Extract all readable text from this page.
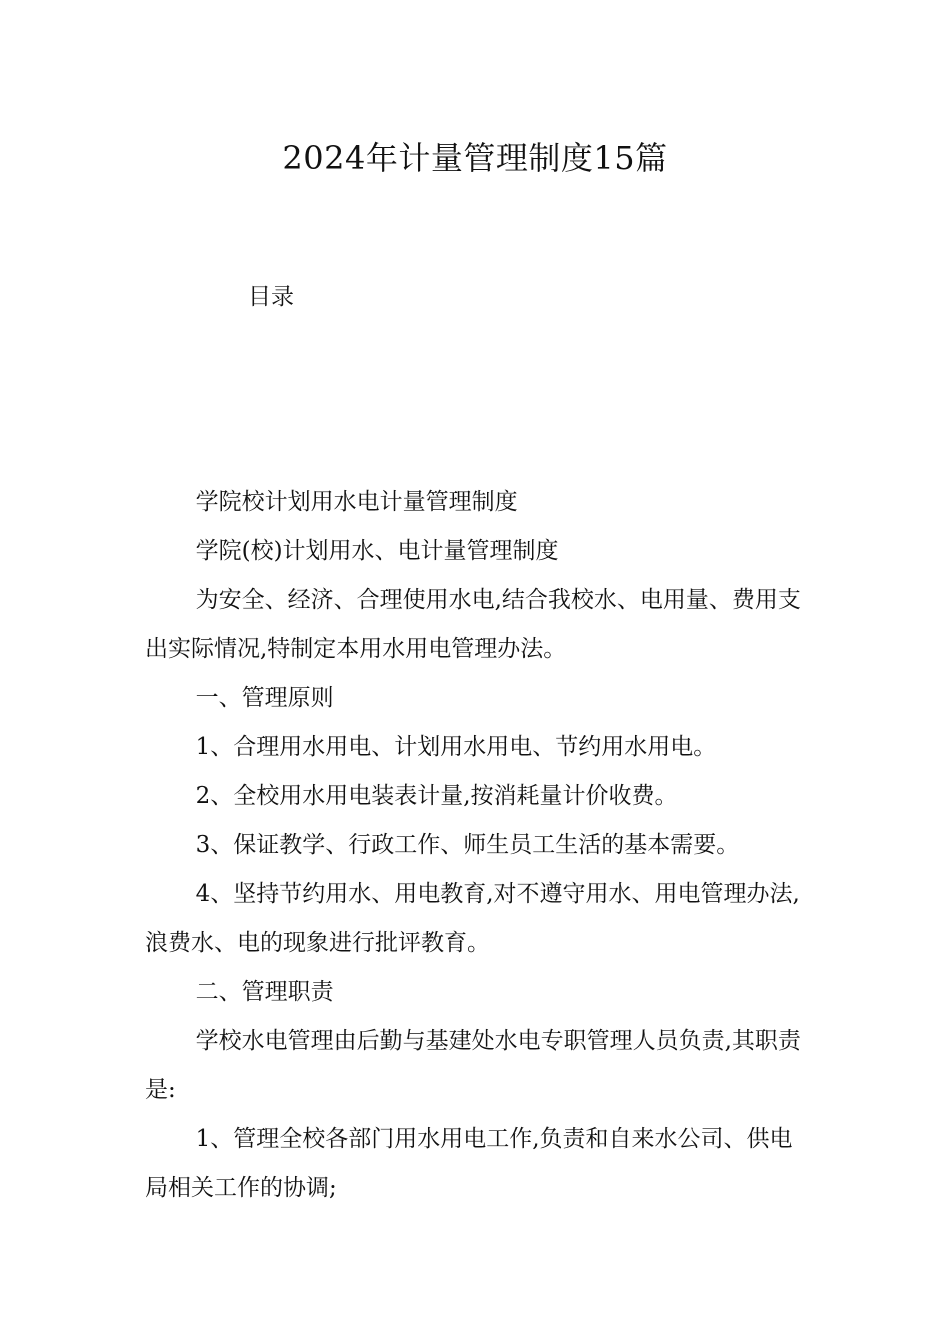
2024年计量管理制度15篇
目录

学院校计划用水电计量管理制度

学院(校)计划用水、电计量管理制度

为安全、经济、合理使用水电,结合我校水、电用量、费用支出实际情况,特制定本用水用电管理办法。

一、管理原则

1、合理用水用电、计划用水用电、节约用水用电。

2、全校用水用电装表计量,按消耗量计价收费。

3、保证教学、行政工作、师生员工生活的基本需要。

4、坚持节约用水、用电教育,对不遵守用水、用电管理办法,浪费水、电的现象进行批评教育。

二、管理职责

学校水电管理由后勤与基建处水电专职管理人员负责,其职责是:

1、管理全校各部门用水用电工作,负责和自来水公司、供电局相关工作的协调;
